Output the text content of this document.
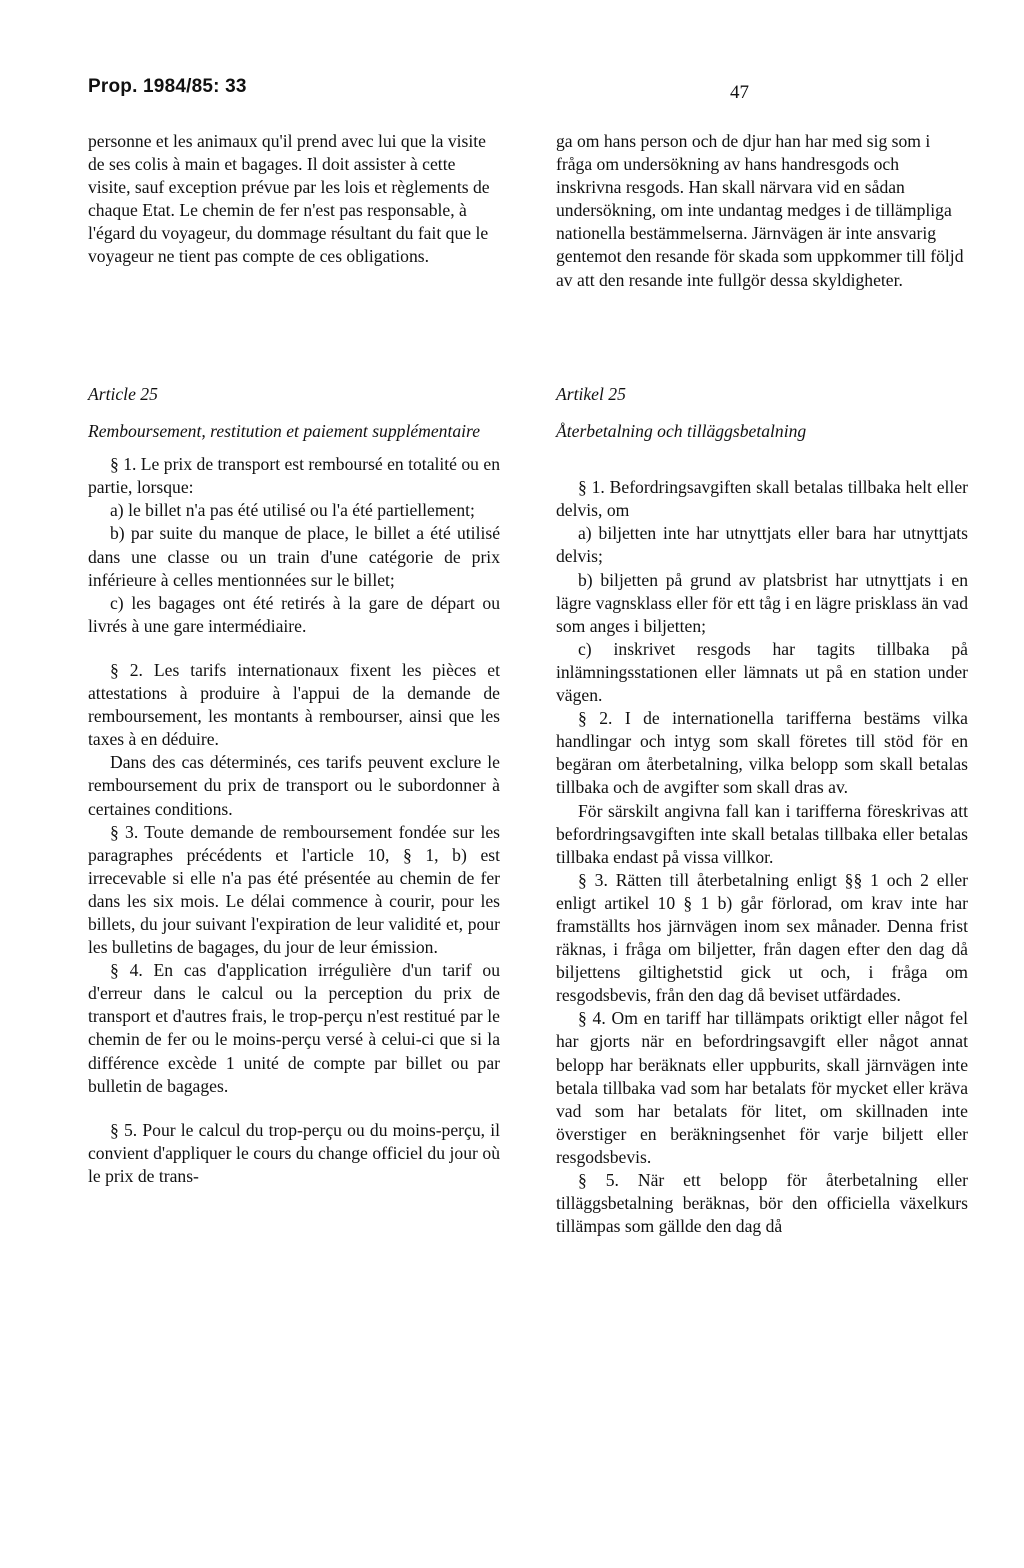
Prop. 1984/85: 33	47

personne et les animaux qu'il prend avec lui que la visite de ses colis à main et bagages. Il doit assister à cette visite, sauf exception prévue par les lois et règlements de chaque Etat. Le chemin de fer n'est pas responsable, à l'égard du voyageur, du dommage résultant du fait que le voyageur ne tient pas compte de ces obligations.

Article 25

Remboursement, restitution et paiement supplémentaire

§ 1. Le prix de transport est remboursé en totalité ou en partie, lorsque:

a) le billet n'a pas été utilisé ou l'a été partiellement;

b) par suite du manque de place, le billet a été utilisé dans une classe ou un train d'une catégorie de prix inférieure à celles mentionnées sur le billet;

c) les bagages ont été retirés à la gare de départ ou livrés à une gare intermédiaire.

§ 2. Les tarifs internationaux fixent les pièces et attestations à produire à l'appui de la demande de remboursement, les montants à rembourser, ainsi que les taxes à en déduire.

Dans des cas déterminés, ces tarifs peuvent exclure le remboursement du prix de transport ou le subordonner à certaines conditions.

§ 3. Toute demande de remboursement fondée sur les paragraphes précédents et l'article 10, § 1, b) est irrecevable si elle n'a pas été présentée au chemin de fer dans les six mois. Le délai commence à courir, pour les billets, du jour suivant l'expiration de leur validité et, pour les bulletins de bagages, du jour de leur émission.

§ 4. En cas d'application irrégulière d'un tarif ou d'erreur dans le calcul ou la perception du prix de transport et d'autres frais, le trop-perçu n'est restitué par le chemin de fer ou le moins-perçu versé à celui-ci que si la différence excède 1 unité de compte par billet ou par bulletin de bagages.

§ 5. Pour le calcul du trop-perçu ou du moins-perçu, il convient d'appliquer le cours du change officiel du jour où le prix de trans-

ga om hans person och de djur han har med sig som i fråga om undersökning av hans handresgods och inskrivna resgods. Han skall närvara vid en sådan undersökning, om inte undantag medges i de tillämpliga nationella bestämmelserna. Järnvägen är inte ansvarig gentemot den resande för skada som uppkommer till följd av att den resande inte fullgör dessa skyldigheter.

Artikel 25

Återbetalning och tilläggsbetalning

§ 1. Befordringsavgiften skall betalas tillbaka helt eller delvis, om

a) biljetten inte har utnyttjats eller bara har utnyttjats delvis;

b) biljetten på grund av platsbrist har utnyttjats i en lägre vagnsklass eller för ett tåg i en lägre prisklass än vad som anges i biljetten;

c) inskrivet resgods har tagits tillbaka på inlämningsstationen eller lämnats ut på en station under vägen.

§ 2. I de internationella tarifferna bestäms vilka handlingar och intyg som skall företes till stöd för en begäran om återbetalning, vilka belopp som skall betalas tillbaka och de avgifter som skall dras av.

För särskilt angivna fall kan i tarifferna föreskrivas att befordringsavgiften inte skall betalas tillbaka eller betalas tillbaka endast på vissa villkor.

§ 3. Rätten till återbetalning enligt §§ 1 och 2 eller enligt artikel 10 § 1 b) går förlorad, om krav inte har framställts hos järnvägen inom sex månader. Denna frist räknas, i fråga om biljetter, från dagen efter den dag då biljettens giltighetstid gick ut och, i fråga om resgodsbevis, från den dag då beviset utfärdades.

§ 4. Om en tariff har tillämpats oriktigt eller något fel har gjorts när en befordringsavgift eller något annat belopp har beräknats eller uppburits, skall järnvägen inte betala tillbaka vad som har betalats för mycket eller kräva vad som har betalats för litet, om skillnaden inte överstiger en beräkningsenhet för varje biljett eller resgodsbevis.

§ 5. När ett belopp för återbetalning eller tilläggsbetalning beräknas, bör den officiella växelkurs tillämpas som gällde den dag då
